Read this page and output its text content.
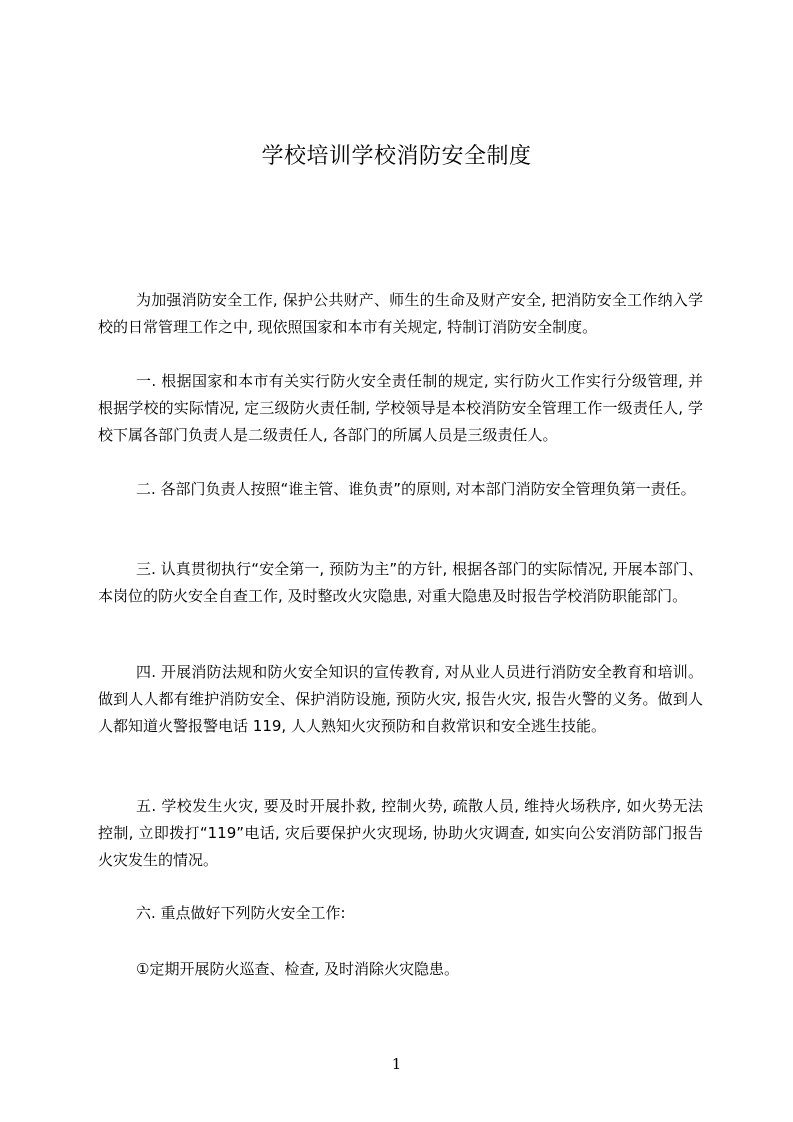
学校培训学校消防安全制度

为加强消防安全工作, 保护公共财产、师生的生命及财产安全, 把消防安全工作纳入学校的日常管理工作之中, 现依照国家和本市有关规定, 特制订消防安全制度。

一. 根据国家和本市有关实行防火安全责任制的规定, 实行防火工作实行分级管理, 并根据学校的实际情况, 定三级防火责任制, 学校领导是本校消防安全管理工作一级责任人, 学校下属各部门负责人是二级责任人, 各部门的所属人员是三级责任人。

二. 各部门负责人按照“谁主管、谁负责”的原则, 对本部门消防安全管理负第一责任。

三. 认真贯彻执行“安全第一, 预防为主”的方针, 根据各部门的实际情况, 开展本部门、本岗位的防火安全自查工作, 及时整改火灾隐患, 对重大隐患及时报告学校消防职能部门。

四. 开展消防法规和防火安全知识的宣传教育, 对从业人员进行消防安全教育和培训。做到人人都有维护消防安全、保护消防设施, 预防火灾, 报告火灾, 报告火警的义务。做到人人都知道火警报警电话 119, 人人熟知火灾预防和自救常识和安全逃生技能。

五. 学校发生火灾, 要及时开展扑救, 控制火势, 疏散人员, 维持火场秩序, 如火势无法控制, 立即拨打“119”电话, 灾后要保护火灾现场, 协助火灾调查, 如实向公安消防部门报告火灾发生的情况。

六. 重点做好下列防火安全工作:

①定期开展防火巡查、检查, 及时消除火灾隐患。

1
